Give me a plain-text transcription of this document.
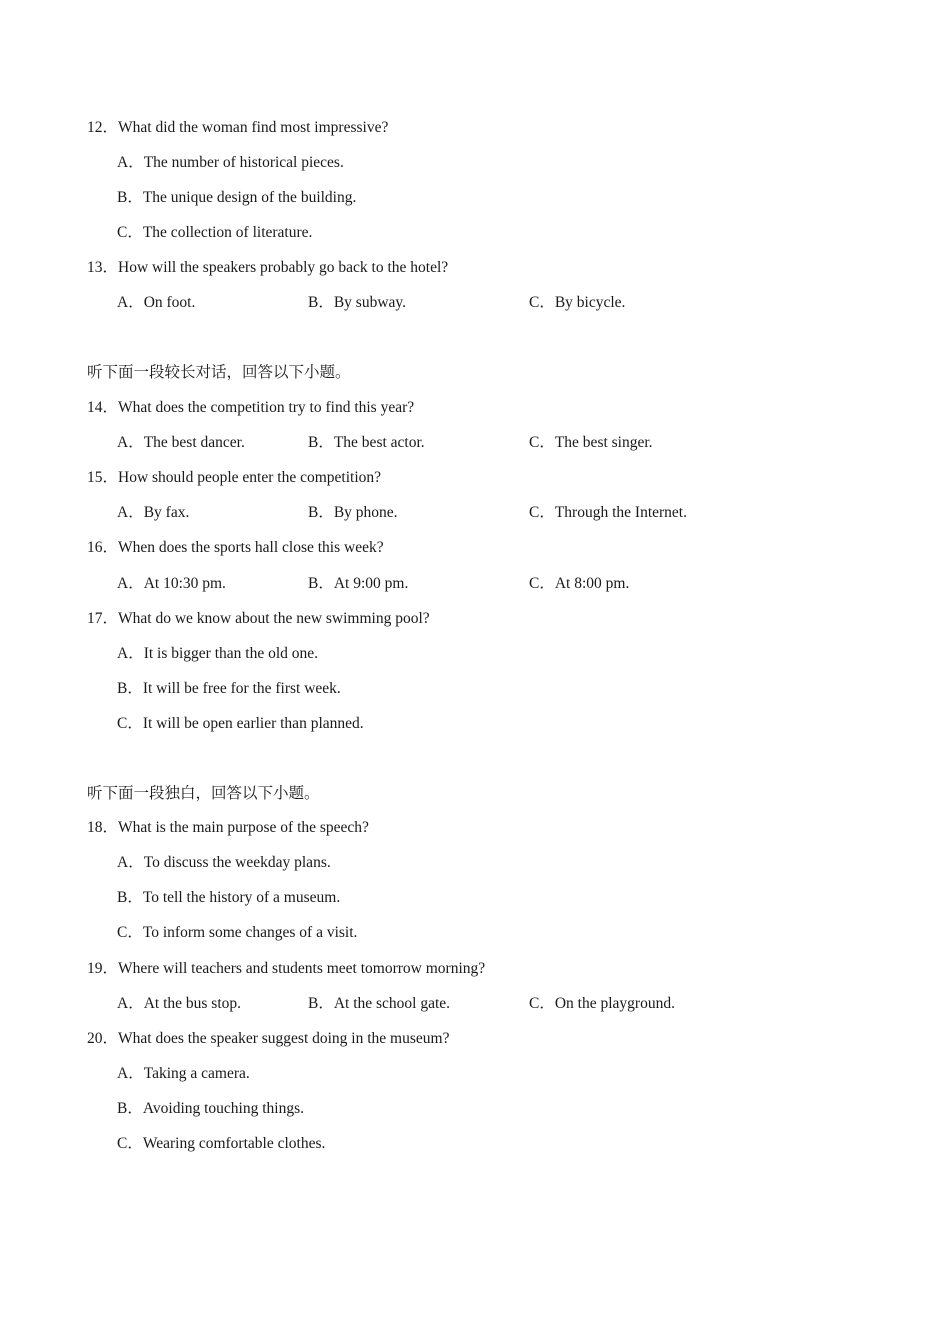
12．What did the woman find most impressive?

A．The number of historical pieces.

B．The unique design of the building.

C．The collection of literature.

13．How will the speakers probably go back to the hotel?

A．On foot.	B．By subway.	C．By bicycle.

听下面一段较长对话，回答以下小题。

14．What does the competition try to find this year?

A．The best dancer.	B．The best actor.	C．The best singer.

15．How should people enter the competition?

A．By fax.	B．By phone.	C．Through the Internet.

16．When does the sports hall close this week?

A．At 10:30 pm.	B．At 9:00 pm.	C．At 8:00 pm.

17．What do we know about the new swimming pool?

A．It is bigger than the old one.

B．It will be free for the first week.

C．It will be open earlier than planned.

听下面一段独白，回答以下小题。

18．What is the main purpose of the speech?

A．To discuss the weekday plans.

B．To tell the history of a museum.

C．To inform some changes of a visit.

19．Where will teachers and students meet tomorrow morning?

A．At the bus stop.	B．At the school gate.	C．On the playground.

20．What does the speaker suggest doing in the museum?

A．Taking a camera.

B．Avoiding touching things.

C．Wearing comfortable clothes.
